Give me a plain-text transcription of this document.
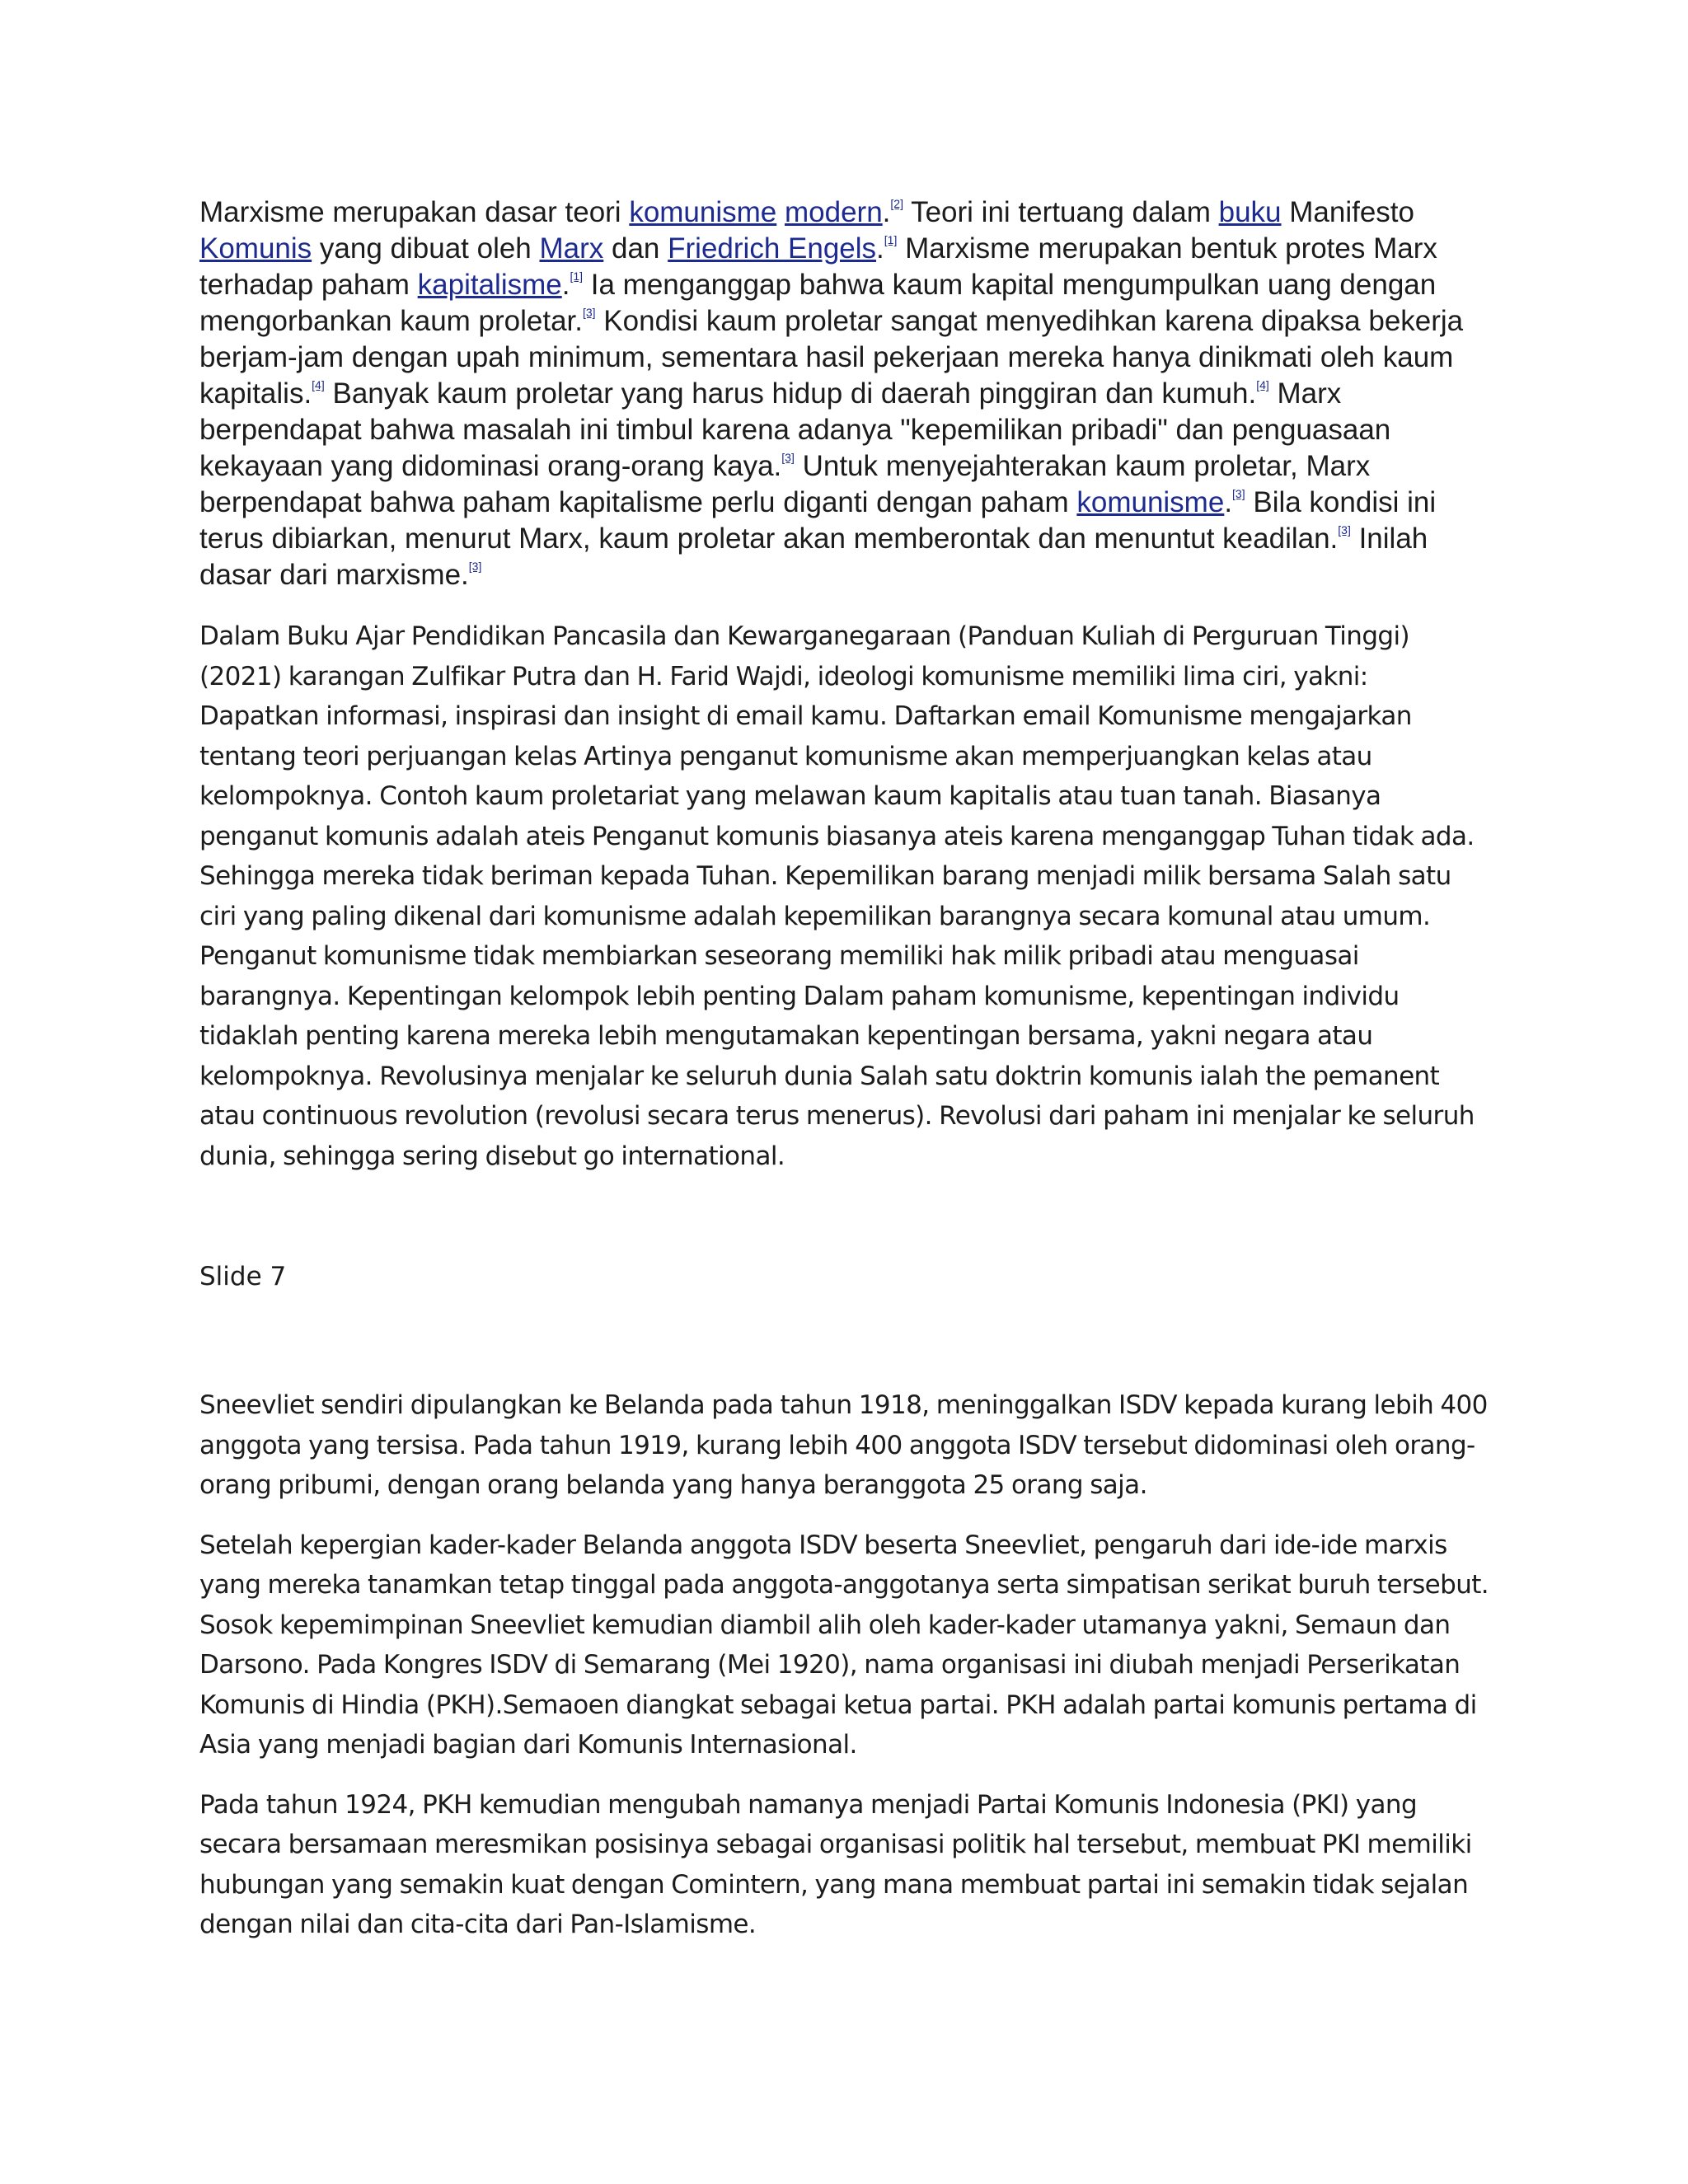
Marxisme merupakan dasar teori komunisme modern.[2] Teori ini tertuang dalam buku Manifesto Komunis yang dibuat oleh Marx dan Friedrich Engels.[1] Marxisme merupakan bentuk protes Marx terhadap paham kapitalisme.[1] Ia menganggap bahwa kaum kapital mengumpulkan uang dengan mengorbankan kaum proletar.[3] Kondisi kaum proletar sangat menyedihkan karena dipaksa bekerja berjam-jam dengan upah minimum, sementara hasil pekerjaan mereka hanya dinikmati oleh kaum kapitalis.[4] Banyak kaum proletar yang harus hidup di daerah pinggiran dan kumuh.[4] Marx berpendapat bahwa masalah ini timbul karena adanya "kepemilikan pribadi" dan penguasaan kekayaan yang didominasi orang-orang kaya.[3] Untuk menyejahterakan kaum proletar, Marx berpendapat bahwa paham kapitalisme perlu diganti dengan paham komunisme.[3] Bila kondisi ini terus dibiarkan, menurut Marx, kaum proletar akan memberontak dan menuntut keadilan.[3] Inilah dasar dari marxisme.[3]

Dalam Buku Ajar Pendidikan Pancasila dan Kewarganegaraan (Panduan Kuliah di Perguruan Tinggi) (2021) karangan Zulfikar Putra dan H. Farid Wajdi, ideologi komunisme memiliki lima ciri, yakni: Dapatkan informasi, inspirasi dan insight di email kamu. Daftarkan email Komunisme mengajarkan tentang teori perjuangan kelas Artinya penganut komunisme akan memperjuangkan kelas atau kelompoknya. Contoh kaum proletariat yang melawan kaum kapitalis atau tuan tanah. Biasanya penganut komunis adalah ateis Penganut komunis biasanya ateis karena menganggap Tuhan tidak ada. Sehingga mereka tidak beriman kepada Tuhan. Kepemilikan barang menjadi milik bersama Salah satu ciri yang paling dikenal dari komunisme adalah kepemilikan barangnya secara komunal atau umum. Penganut komunisme tidak membiarkan seseorang memiliki hak milik pribadi atau menguasai barangnya. Kepentingan kelompok lebih penting Dalam paham komunisme, kepentingan individu tidaklah penting karena mereka lebih mengutamakan kepentingan bersama, yakni negara atau kelompoknya. Revolusinya menjalar ke seluruh dunia Salah satu doktrin komunis ialah the pemanent atau continuous revolution (revolusi secara terus menerus). Revolusi dari paham ini menjalar ke seluruh dunia, sehingga sering disebut go international.

Slide 7

Sneevliet sendiri dipulangkan ke Belanda pada tahun 1918, meninggalkan ISDV kepada kurang lebih 400 anggota yang tersisa. Pada tahun 1919, kurang lebih 400 anggota ISDV tersebut didominasi oleh orang-orang pribumi, dengan orang belanda yang hanya beranggota 25 orang saja.

Setelah kepergian kader-kader Belanda anggota ISDV beserta Sneevliet, pengaruh dari ide-ide marxis yang mereka tanamkan tetap tinggal pada anggota-anggotanya serta simpatisan serikat buruh tersebut. Sosok kepemimpinan Sneevliet kemudian diambil alih oleh kader-kader utamanya yakni, Semaun dan Darsono. Pada Kongres ISDV di Semarang (Mei 1920), nama organisasi ini diubah menjadi Perserikatan Komunis di Hindia (PKH).Semaoen diangkat sebagai ketua partai. PKH adalah partai komunis pertama di Asia yang menjadi bagian dari Komunis Internasional.

Pada tahun 1924, PKH kemudian mengubah namanya menjadi Partai Komunis Indonesia (PKI) yang secara bersamaan meresmikan posisinya sebagai organisasi politik hal tersebut, membuat PKI memiliki hubungan yang semakin kuat dengan Comintern, yang mana membuat partai ini semakin tidak sejalan dengan nilai dan cita-cita dari Pan-Islamisme.
